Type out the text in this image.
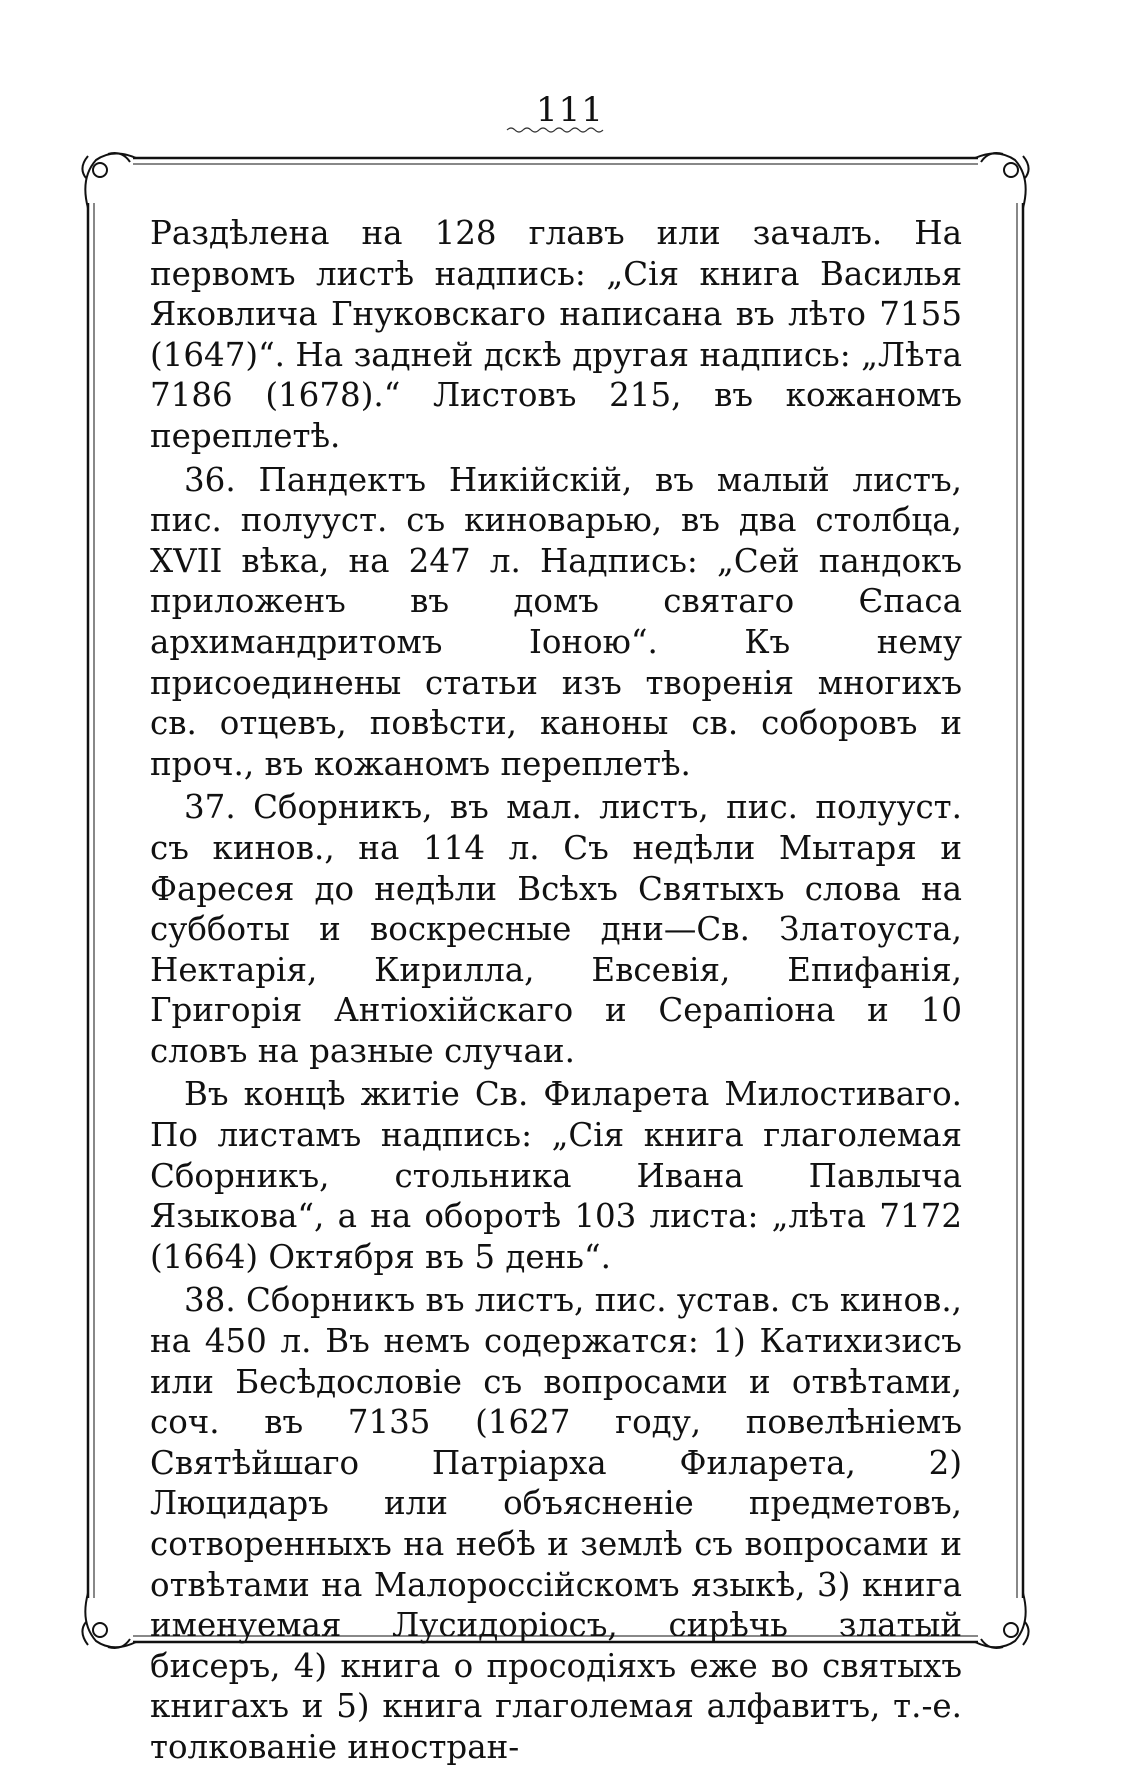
111

Раздѣлена на 128 главъ или зачалъ. На первомъ листѣ надпись: „Сія книга Василья Яковлича Гнуковскаго написана въ лѣто 7155 (1647)“. На задней дскѣ другая надпись: „Лѣта 7186 (1678).“ Листовъ 215, въ кожаномъ переплетѣ.

36. Пандектъ Никійскій, въ малый листъ, пис. полууст. съ киноварью, въ два столбца, XVII вѣка, на 247 л. Надпись: „Сей пандокъ приложенъ въ домъ святаго Єпаса архимандритомъ Іоною“. Къ нему присоединены статьи изъ творенія многихъ св. отцевъ, повѣсти, каноны св. соборовъ и проч., въ кожаномъ переплетѣ.

37. Сборникъ, въ мал. листъ, пис. полууст. съ кинов., на 114 л. Съ недѣли Мытаря и Фаресея до недѣли Всѣхъ Святыхъ слова на субботы и воскресные дни—Св. Златоуста, Нектарія, Кирилла, Евсевія, Епифанія, Григорія Антіохійскаго и Серапіона и 10 словъ на разные случаи.

Въ концѣ житіе Св. Филарета Милостиваго. По листамъ надпись: „Сія книга глаголемая Сборникъ, стольника Ивана Павлыча Языкова“, а на оборотѣ 103 листа: „лѣта 7172 (1664) Октября въ 5 день“.

38. Сборникъ въ листъ, пис. устав. съ кинов., на 450 л. Въ немъ содержатся: 1) Катихизисъ или Бесѣдословіе съ вопросами и отвѣтами, соч. въ 7135 (1627 году, повелѣніемъ Святѣйшаго Патріарха Филарета, 2) Люцидаръ или объясненіе предметовъ, сотворенныхъ на небѣ и землѣ съ вопросами и отвѣтами на Малороссійскомъ языкѣ, 3) книга именуемая Лусидоріосъ, сирѣчь златый бисеръ, 4) книга о просодіяхъ еже во святыхъ книгахъ и 5) книга глаголемая алфавитъ, т.-е. толкованіе иностран-
